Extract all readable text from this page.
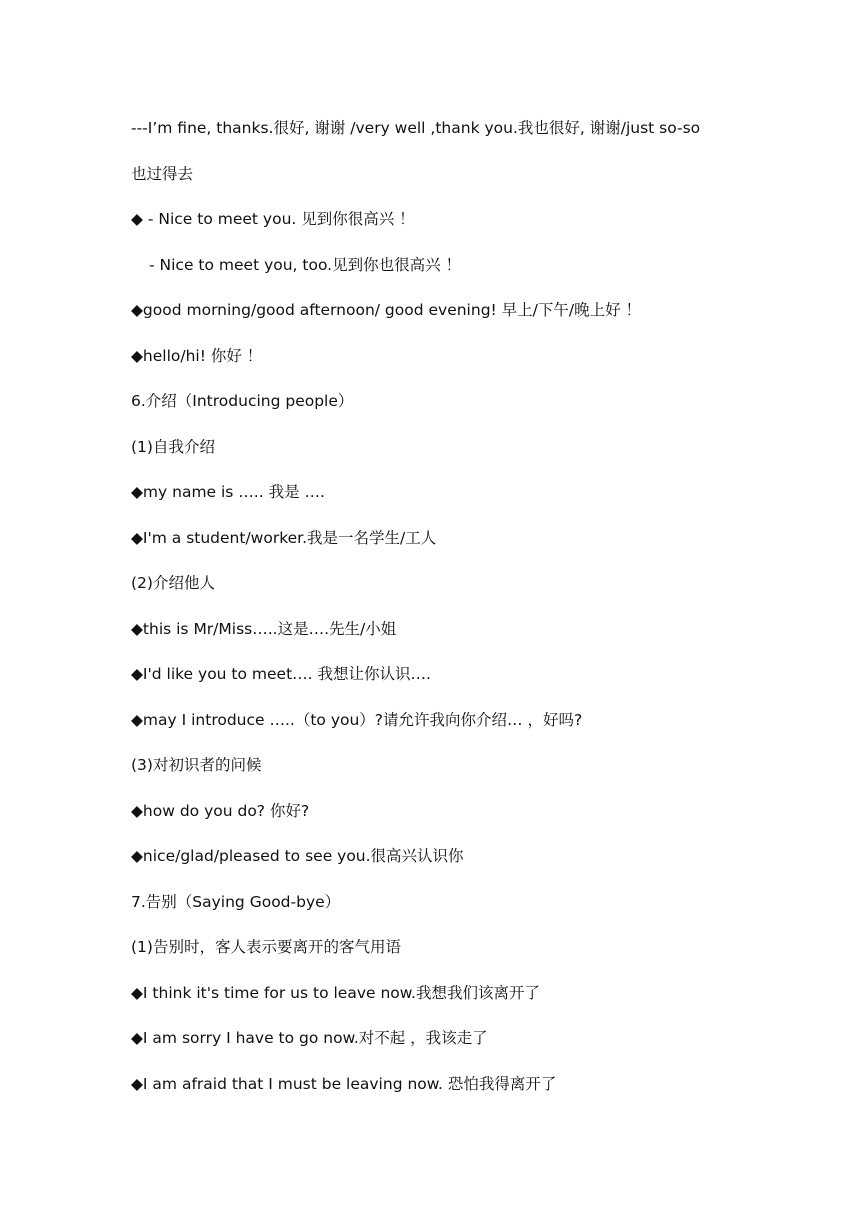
---I’m fine, thanks.很好, 谢谢 /very well ,thank you.我也很好, 谢谢/just so-so
也过得去
◆ - Nice to meet you. 见到你很高兴 ！
- Nice to meet you, too.见到你也很高兴 ！
◆good morning/good afternoon/ good evening! 早上/下午/晚上好 ！
◆hello/hi! 你好 ！
6.介绍（Introducing people）
(1)自我介绍
◆my name is ….. 我是 ….
◆I'm a student/worker.我是一名学生/工人
(2)介绍他人
◆this is Mr/Miss…..这是….先生/小姐
◆I'd like you to meet…. 我想让你认识….
◆may I introduce …..（to you）?请允许我向你介绍… ，好吗?
(3)对初识者的问候
◆how do you do? 你好?
◆nice/glad/pleased to see you.很高兴认识你
7.告别（Saying Good-bye）
(1)告别时，客人表示要离开的客气用语
◆I think it's time for us to leave now.我想我们该离开了
◆I am sorry I have to go now.对不起 ，我该走了
◆I am afraid that I must be leaving now. 恐怕我得离开了
